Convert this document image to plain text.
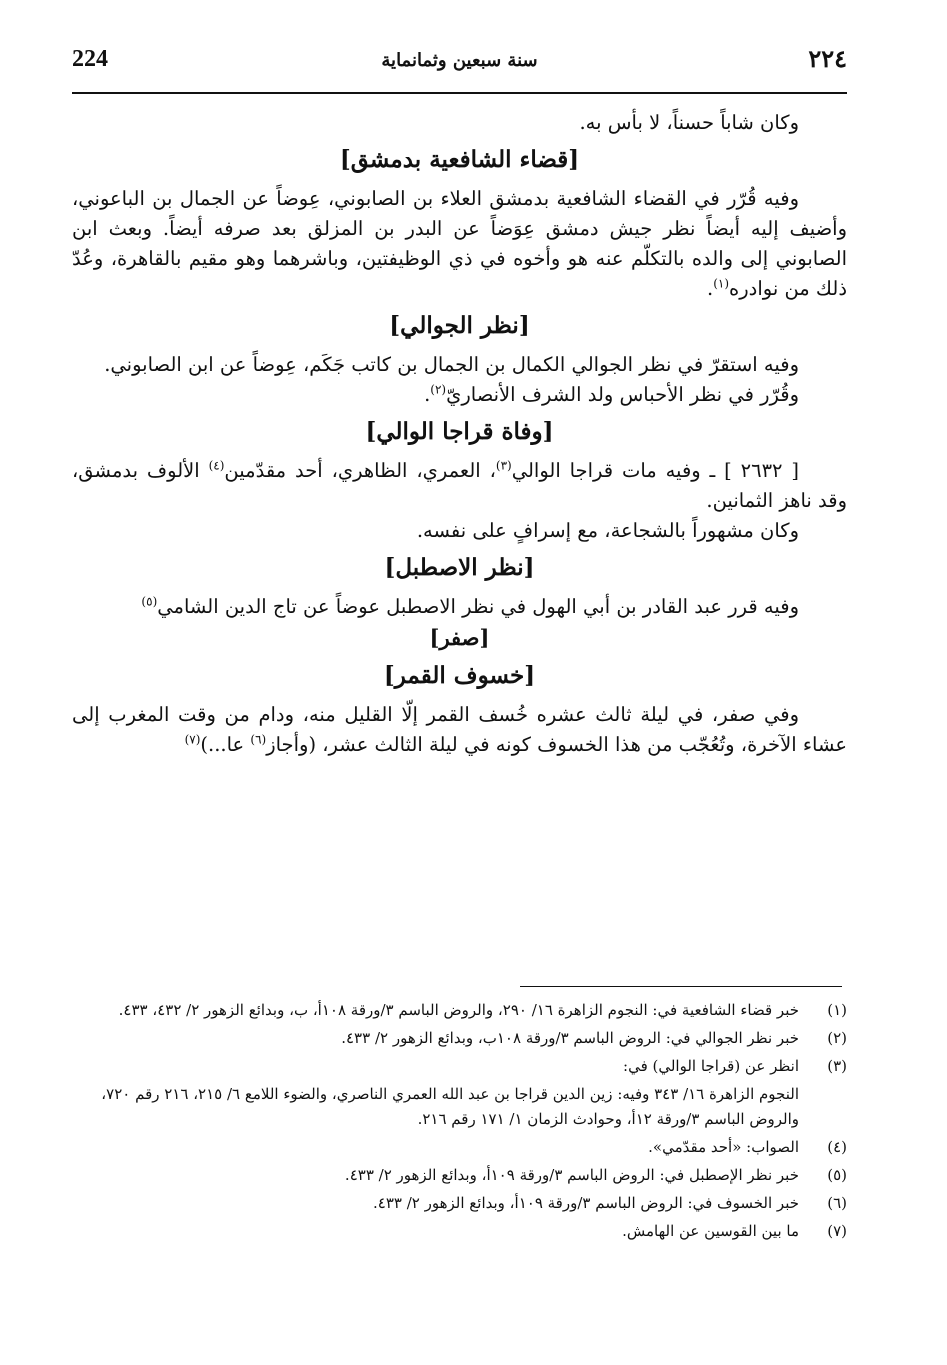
224	سنة سبعين وثمانماية	٢٢٤

وكان شاباً حسناً، لا بأس به.

[قضاء الشافعية بدمشق]

وفيه قُرّر في القضاء الشافعية بدمشق العلاء بن الصابوني، عِوضاً عن الجمال بن الباعوني، وأضيف إليه أيضاً نظر جيش دمشق عِوَضاً عن البدر بن المزلق بعد صرفه أيضاً. وبعث ابن الصابوني إلى والده بالتكلّم عنه هو وأخوه في ذي الوظيفتين، وباشرهما وهو مقيم بالقاهرة، وعُدّ ذلك من نوادره$^{(١)}$.

[نظر الجوالي]

وفيه استقرّ في نظر الجوالي الكمال بن الجمال بن كاتب جَكَم، عِوضاً عن ابن الصابوني.

وقُرّر في نظر الأحباس ولد الشرف الأنصاريّ$^{(٢)}$.

[وفاة قراجا الوالي]

[ ٢٦٣٢ ] ـ وفيه مات قراجا الوالي$^{(٣)}$، العمري، الظاهري، أحد مقدّمين$^{(٤)}$ الألوف بدمشق، وقد ناهز الثمانين.

وكان مشهوراً بالشجاعة، مع إسرافٍ على نفسه.

[نظر الاصطبل]

وفيه قرر عبد القادر بن أبي الهول في نظر الاصطبل عوضاً عن تاج الدين الشامي$^{(٥)}$

[صفر]

[خسوف القمر]

وفي صفر، في ليلة ثالث عشره خُسف القمر إلّا القليل منه، ودام من وقت المغرب إلى عشاء الآخرة، وتُعُجّب من هذا الخسوف كونه في ليلة الثالث عشر، (وأجاز$^{(٦)}$ عا...)$^{(٧)}$

(١)
خبر قضاء الشافعية في: النجوم الزاهرة ١٦/ ٢٩٠، والروض الباسم ٣/ورقة ١٠٨أ، ب، وبدائع الزهور ٢/ ٤٣٢، ٤٣٣.

(٢)
خبر نظر الجوالي في: الروض الباسم ٣/ورقة ١٠٨ب، وبدائع الزهور ٢/ ٤٣٣.

(٣)
انظر عن (قراجا الوالي) في:

النجوم الزاهرة ١٦/ ٣٤٣ وفيه: زين الدين قراجا بن عبد الله العمري الناصري، والضوء اللامع ٦/ ٢١٥، ٢١٦ رقم ٧٢٠، والروض الباسم ٣/ورقة ١٢أ، وحوادث الزمان ١/ ١٧١ رقم ٢١٦.

(٤)
الصواب: «أحد مقدّمي».

(٥)
خبر نظر الإصطبل في: الروض الباسم ٣/ورقة ١٠٩أ، وبدائع الزهور ٢/ ٤٣٣.

(٦)
خبر الخسوف في: الروض الباسم ٣/ورقة ١٠٩أ، وبدائع الزهور ٢/ ٤٣٣.

(٧)
ما بين القوسين عن الهامش.
